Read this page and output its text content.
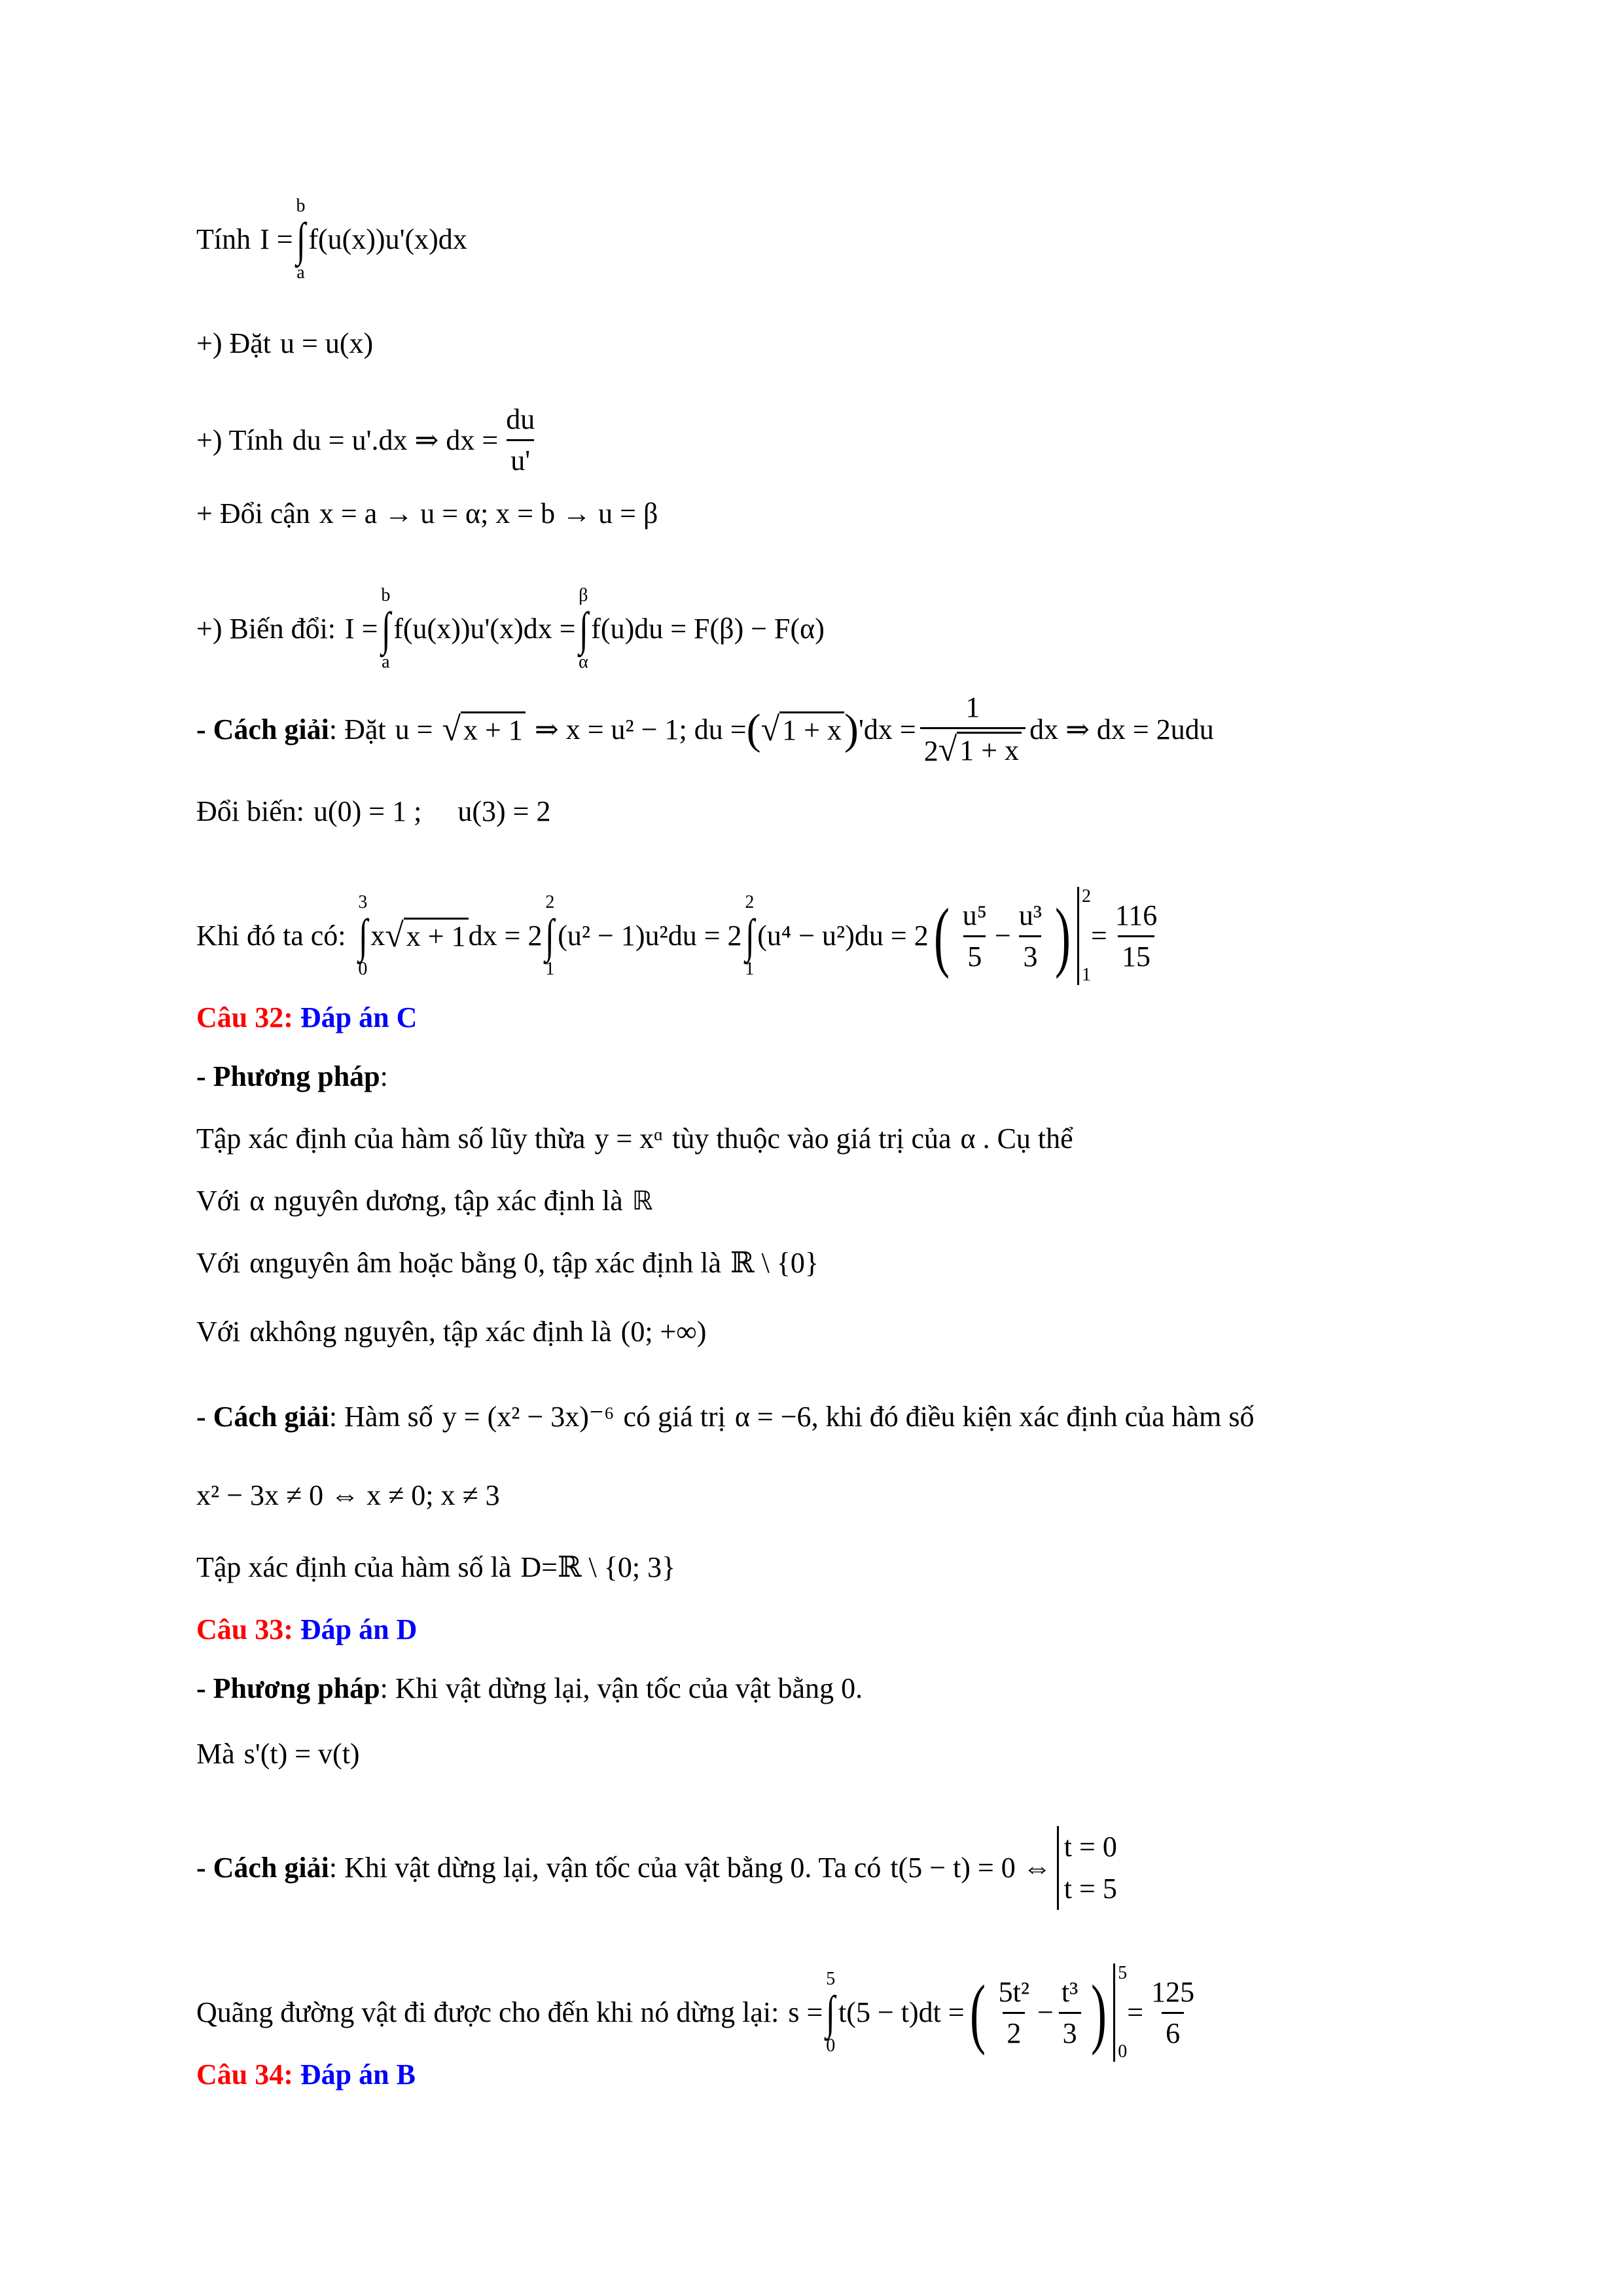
Tính I =
b
∫
a
f(u(x))u'(x)dx
+) Đặt u = u(x)
+) Tính du = u'.dx ⇒ dx = $\frac{du}{u'}$
+ Đổi cận x = a → u = α; x = b → u = β
+) Biến đổi: I =
b
∫
a
f(u(x))u'(x)dx =
β
∫
α
f(u)du = F(β) − F(α)
- Cách giải : Đặt u = √ x + 1 ⇒ x = u² − 1; du = ( √ 1 + x ) 'dx = $\frac{1}{2 √ 1 + x}$ dx ⇒ dx = 2udu
Đổi biến: u(0) = 1 ;     u(3) = 2
Khi đó ta có:
3
∫
0
x √ x + 1 dx = 2
2
∫
1
(u² − 1)u²du = 2
2
∫
1
(u⁴ − u²)du = 2 ( $\frac{\text{u⁵}}{5} - \frac{\text{u³}}{3}$ ) 2
1
= $\frac{116}{15}$
Câu 32: Đáp án C
- Phương pháp :
Tập xác định của hàm số lũy thừa y = xᵅ tùy thuộc vào giá trị của α . Cụ thể
Với α nguyên dương, tập xác định là ℝ
Với α nguyên âm hoặc bằng 0, tập xác định là ℝ \ {0}
Với α không nguyên, tập xác định là (0; +∞)
- Cách giải : Hàm số y = (x² − 3x)⁻⁶ có giá trị α = −6 , khi đó điều kiện xác định của hàm số
x² − 3x ≠ 0 ⇔ x ≠ 0; x ≠ 3
Tập xác định của hàm số là D=ℝ \ {0; 3}
Câu 33: Đáp án D
- Phương pháp : Khi vật dừng lại, vận tốc của vật bằng 0.
Mà s'(t) = v(t)
- Cách giải : Khi vật dừng lại, vận tốc của vật bằng 0. Ta có t(5 − t) = 0 ⇔
t = 0
t = 5
Quãng đường vật đi được cho đến khi nó dừng lại: s =
5
∫
0
t(5 − t)dt = ( $\frac{\text{5t²}}{2} - \frac{\text{t³}}{3}$ ) 5
0
= $\frac{125}{6}$
Câu 34: Đáp án B
